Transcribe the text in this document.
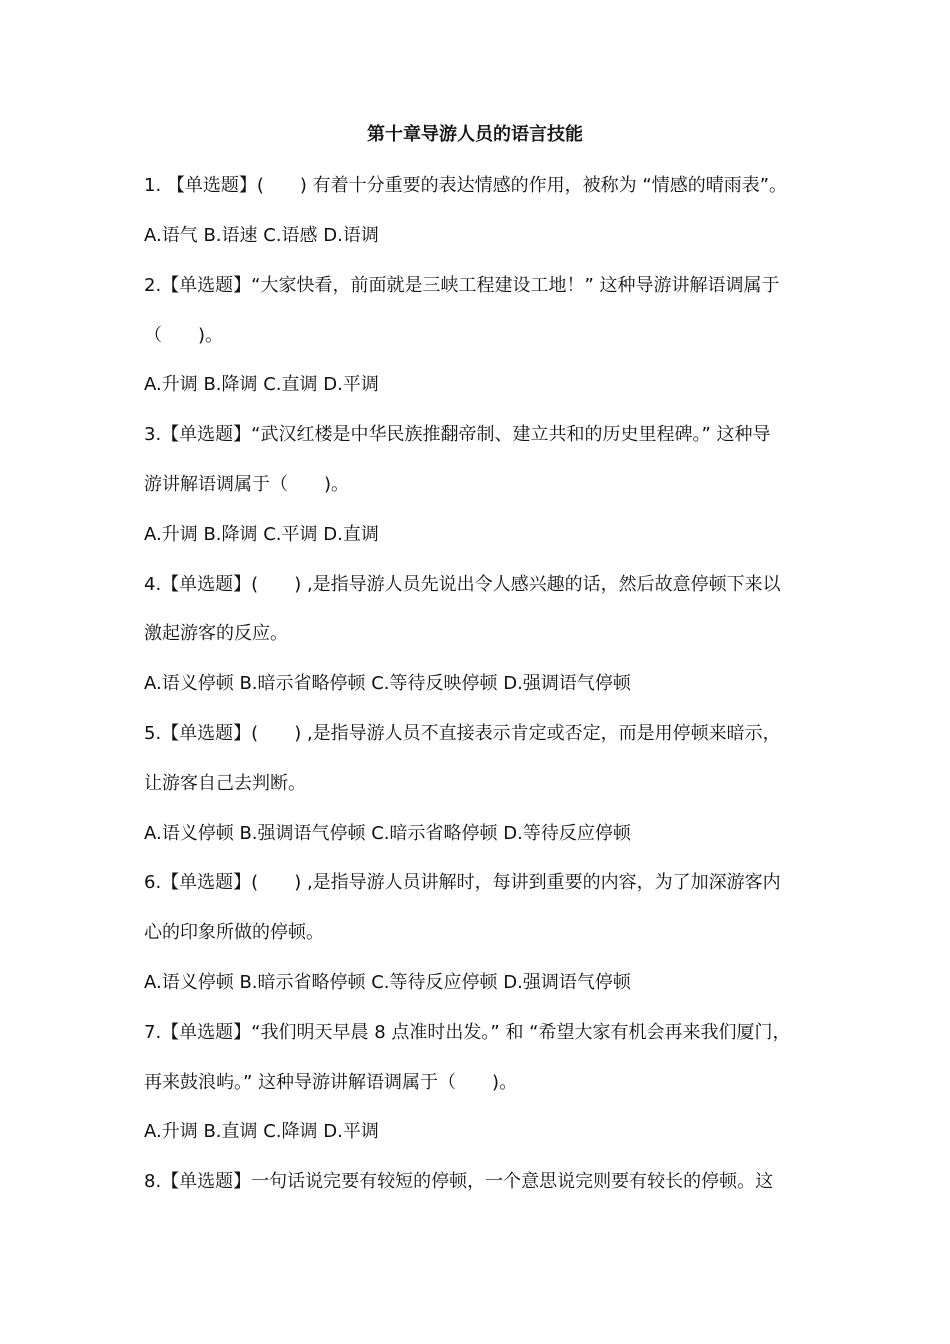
第十章导游人员的语言技能

1. 【单选题】(　　) 有着十分重要的表达情感的作用，被称为 “情感的晴雨表”。

A.语气 B.语速 C.语感 D.语调

2.【单选题】“大家快看，前面就是三峡工程建设工地！” 这种导游讲解语调属于

（　　)。

A.升调 B.降调 C.直调 D.平调

3.【单选题】“武汉红楼是中华民族推翻帝制、建立共和的历史里程碑。” 这种导

游讲解语调属于（　　)。

A.升调 B.降调 C.平调 D.直调

4.【单选题】(　　) ,是指导游人员先说出令人感兴趣的话，然后故意停顿下来以

激起游客的反应。

A.语义停顿 B.暗示省略停顿 C.等待反映停顿 D.强调语气停顿

5.【单选题】(　　) ,是指导游人员不直接表示肯定或否定，而是用停顿来暗示，

让游客自己去判断。

A.语义停顿 B.强调语气停顿 C.暗示省略停顿 D.等待反应停顿

6.【单选题】(　　) ,是指导游人员讲解时，每讲到重要的内容，为了加深游客内

心的印象所做的停顿。

A.语义停顿 B.暗示省略停顿 C.等待反应停顿 D.强调语气停顿

7.【单选题】“我们明天早晨 8 点准时出发。” 和 “希望大家有机会再来我们厦门，

再来鼓浪屿。” 这种导游讲解语调属于（　　)。

A.升调 B.直调 C.降调 D.平调

8.【单选题】一句话说完要有较短的停顿，一个意思说完则要有较长的停顿。这
